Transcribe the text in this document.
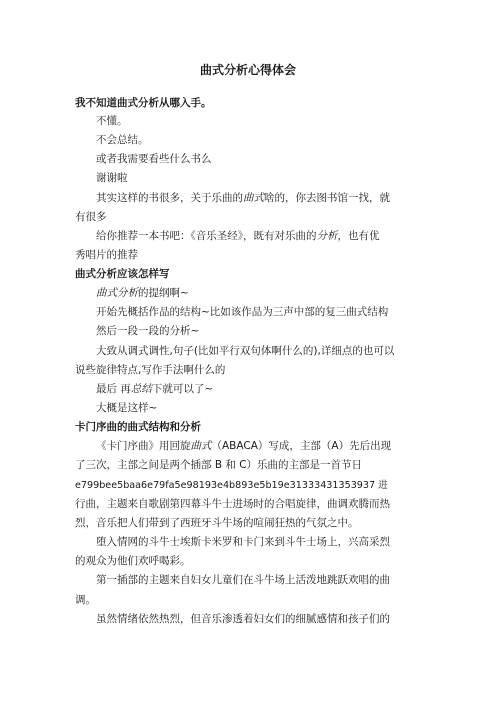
曲式分析心得体会
我不知道曲式分析从哪入手。
不懂。
不会总结。
或者我需要看些什么书么
谢谢啦
其实这样的书很多，关于乐曲的曲式啥的，你去图书馆一找，就
有很多
给你推荐一本书吧：《音乐圣经》，既有对乐曲的分析，也有优
秀唱片的推荐
曲式分析应该怎样写
曲式分析的提纲啊~
开始先概括作品的结构~比如该作品为三声中部的复三曲式结构
然后一段一段的分析~
大致从调式调性,句子(比如平行双句体啊什么的),详细点的也可以
说些旋律特点,写作手法啊什么的
最后 再总结下就可以了~
大概是这样~
卡门序曲的曲式结构和分析
《卡门序曲》用回旋曲式（ABACA）写成，主部（A）先后出现
了三次，主部之间是两个插部 B 和 C）乐曲的主部是一首节日
e799bee5baa6e79fa5e98193e4b893e5b19e31333431353937 进
行曲，主题来自歌剧第四幕斗牛士进场时的合唱旋律，曲调欢腾而热
烈，音乐把人们带到了西班牙斗牛场的喧闹狂热的气氛之中。
堕入情网的斗牛士埃斯卡米罗和卡门来到斗牛士场上，兴高采烈
的观众为他们欢呼喝彩。
第一插部的主题来自妇女儿童们在斗牛场上活泼地跳跃欢唱的曲
调。
虽然情绪依然热烈，但音乐渗透着妇女们的细腻感情和孩子们的
